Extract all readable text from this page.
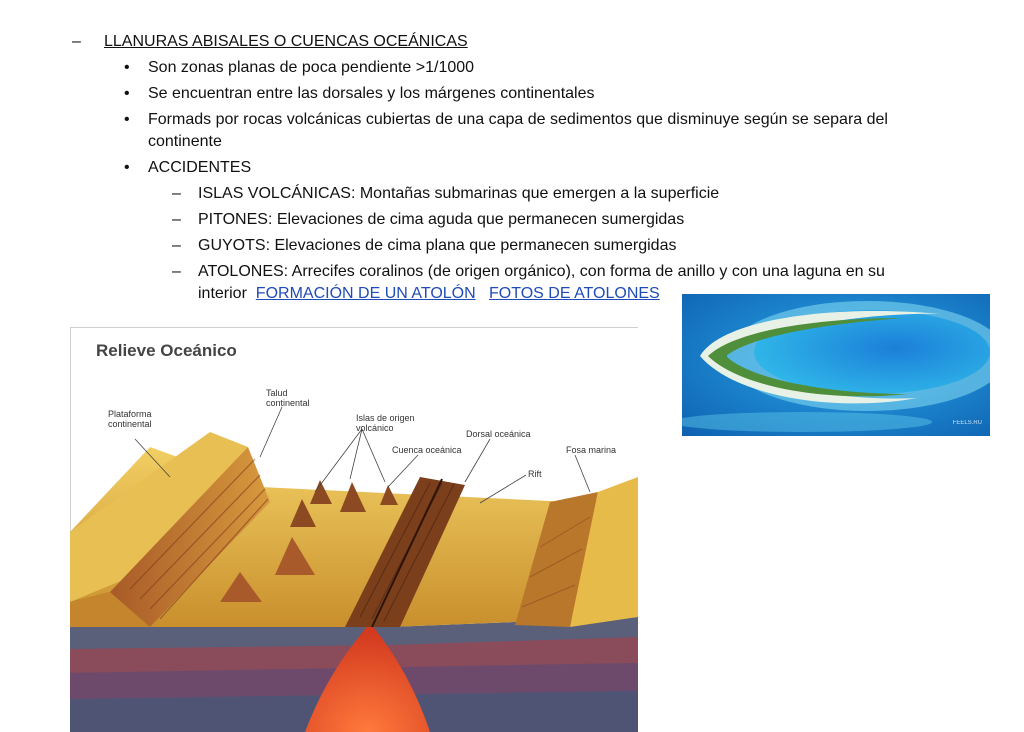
– LLANURAS ABISALES O CUENCAS OCEÁNICAS
• Son zonas planas de poca pendiente >1/1000
• Se encuentran entre las dorsales y los márgenes continentales
• Formads por rocas volcánicas cubiertas de una capa de sedimentos que disminuye según se separa del
continente
• ACCIDENTES
– ISLAS VOLCÁNICAS: Montañas submarinas que emergen a la superficie
– PITONES: Elevaciones de cima aguda que permanecen sumergidas
– GUYOTS: Elevaciones de cima plana que permanecen sumergidas
– ATOLONES: Arrecifes coralinos (de origen orgánico), con forma de anillo y con una laguna en su
interior FORMACIÓN DE UN ATOLÓN FOTOS DE ATOLONES
Relieve Oceánico
Plataforma
continental
Talud
continental
Islas de origen
volcánico
Cuenca oceánica
Dorsal oceánica
Rift
Fosa marina
FEELS.RU
